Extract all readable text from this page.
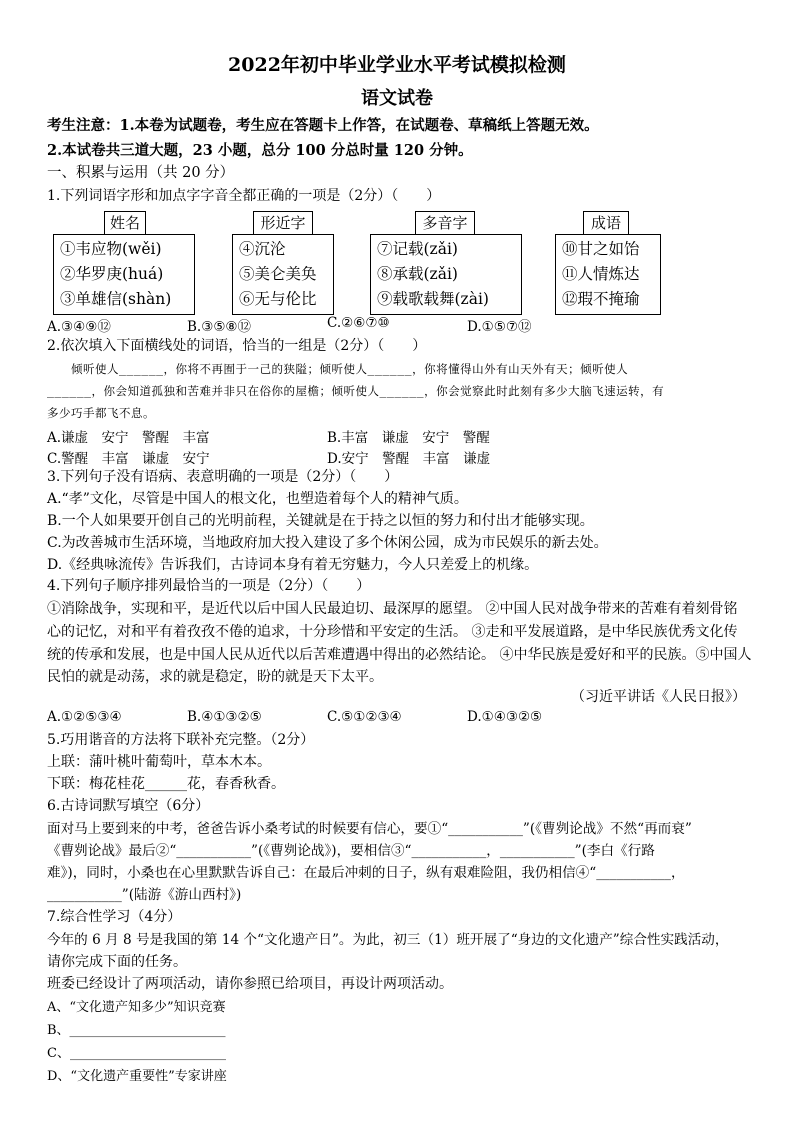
2022年初中毕业学业水平考试模拟检测
语文试卷
考生注意：1.本卷为试题卷，考生应在答题卡上作答，在试题卷、草稿纸上答题无效。
2.本试卷共三道大题，23 小题，总分 100 分总时量 120 分钟。
一、积累与运用（共 20 分）
1.下列词语字形和加点字字音全都正确的一项是（2分）（　　）
姓名
①韦应物(wěi)
②华罗庚(huá)
③单雄信(shàn)
形近字
④沉沦
⑤美仑美奂
⑥无与伦比
多音字
⑦记载(zǎi)
⑧承载(zǎi)
⑨载歌载舞(zài)
成语
⑩甘之如饴
⑪人情炼达
⑫瑕不掩瑜
A.③④⑨⑫	B.③⑤⑧⑫	C.②⑥⑦⑩	D.①⑤⑦⑫
2.依次填入下面横线处的词语，恰当的一组是（2分）（　　）
　　倾听使人______，你将不再囿于一己的狭隘；倾听使人______，你将懂得山外有山天外有天；倾听使人
______，你会知道孤独和苦难并非只在俗你的屋檐；倾听使人______，你会觉察此时此刻有多少大脑飞速运转，有
多少巧手都飞不息。
A.谦虚　安宁　警醒　丰富	B.丰富　谦虚　安宁　警醒
C.警醒　丰富　谦虚　安宁	D.安宁　警醒　丰富　谦虚
3.下列句子没有语病、表意明确的一项是（2分）（　　）
A.“孝”文化，尽管是中国人的根文化，也塑造着每个人的精神气质。
B.一个人如果要开创自己的光明前程，关键就是在于持之以恒的努力和付出才能够实现。
C.为改善城市生活环境，当地政府加大投入建设了多个休闲公园，成为市民娱乐的新去处。
D.《经典咏流传》告诉我们，古诗词本身有着无穷魅力，今人只差爱上的机缘。
4.下列句子顺序排列最恰当的一项是（2分）（　　）
①消除战争，实现和平，是近代以后中国人民最迫切、最深厚的愿望。 ②中国人民对战争带来的苦难有着刻骨铭
心的记忆，对和平有着孜孜不倦的追求，十分珍惜和平安定的生活。 ③走和平发展道路，是中华民族优秀文化传
统的传承和发展，也是中国人民从近代以后苦难遭遇中得出的必然结论。 ④中华民族是爱好和平的民族。⑤中国人
民怕的就是动荡，求的就是稳定，盼的就是天下太平。
（习近平讲话《人民日报》）
A.①②⑤③④	B.④①③②⑤	C.⑤①②③④	D.①④③②⑤
5.巧用谐音的方法将下联补充完整。（2分）
上联：蒲叶桃叶葡萄叶，草本木本。
下联：梅花桂花______花，春香秋香。
6.古诗词默写填空（6分）
面对马上要到来的中考，爸爸告诉小桑考试的时候要有信心，要①“___________”(《曹刿论战》不然“再而衰”
《曹刿论战》最后②“___________”(《曹刿论战》)，要相信③“___________，___________”(李白《行路
难》)，同时，小桑也在心里默默告诉自己：在最后冲刺的日子，纵有艰难险阻，我仍相信④“___________，
___________”(陆游《游山西村》)
7.综合性学习（4分）
今年的 6 月 8 号是我国的第 14 个“文化遗产日”。为此，初三（1）班开展了“身边的文化遗产”综合性实践活动，
请你完成下面的任务。
班委已经设计了两项活动，请你参照已给项目，再设计两项活动。
A、“文化遗产知多少”知识竞赛
B、________________________
C、________________________
D、“文化遗产重要性”专家讲座
